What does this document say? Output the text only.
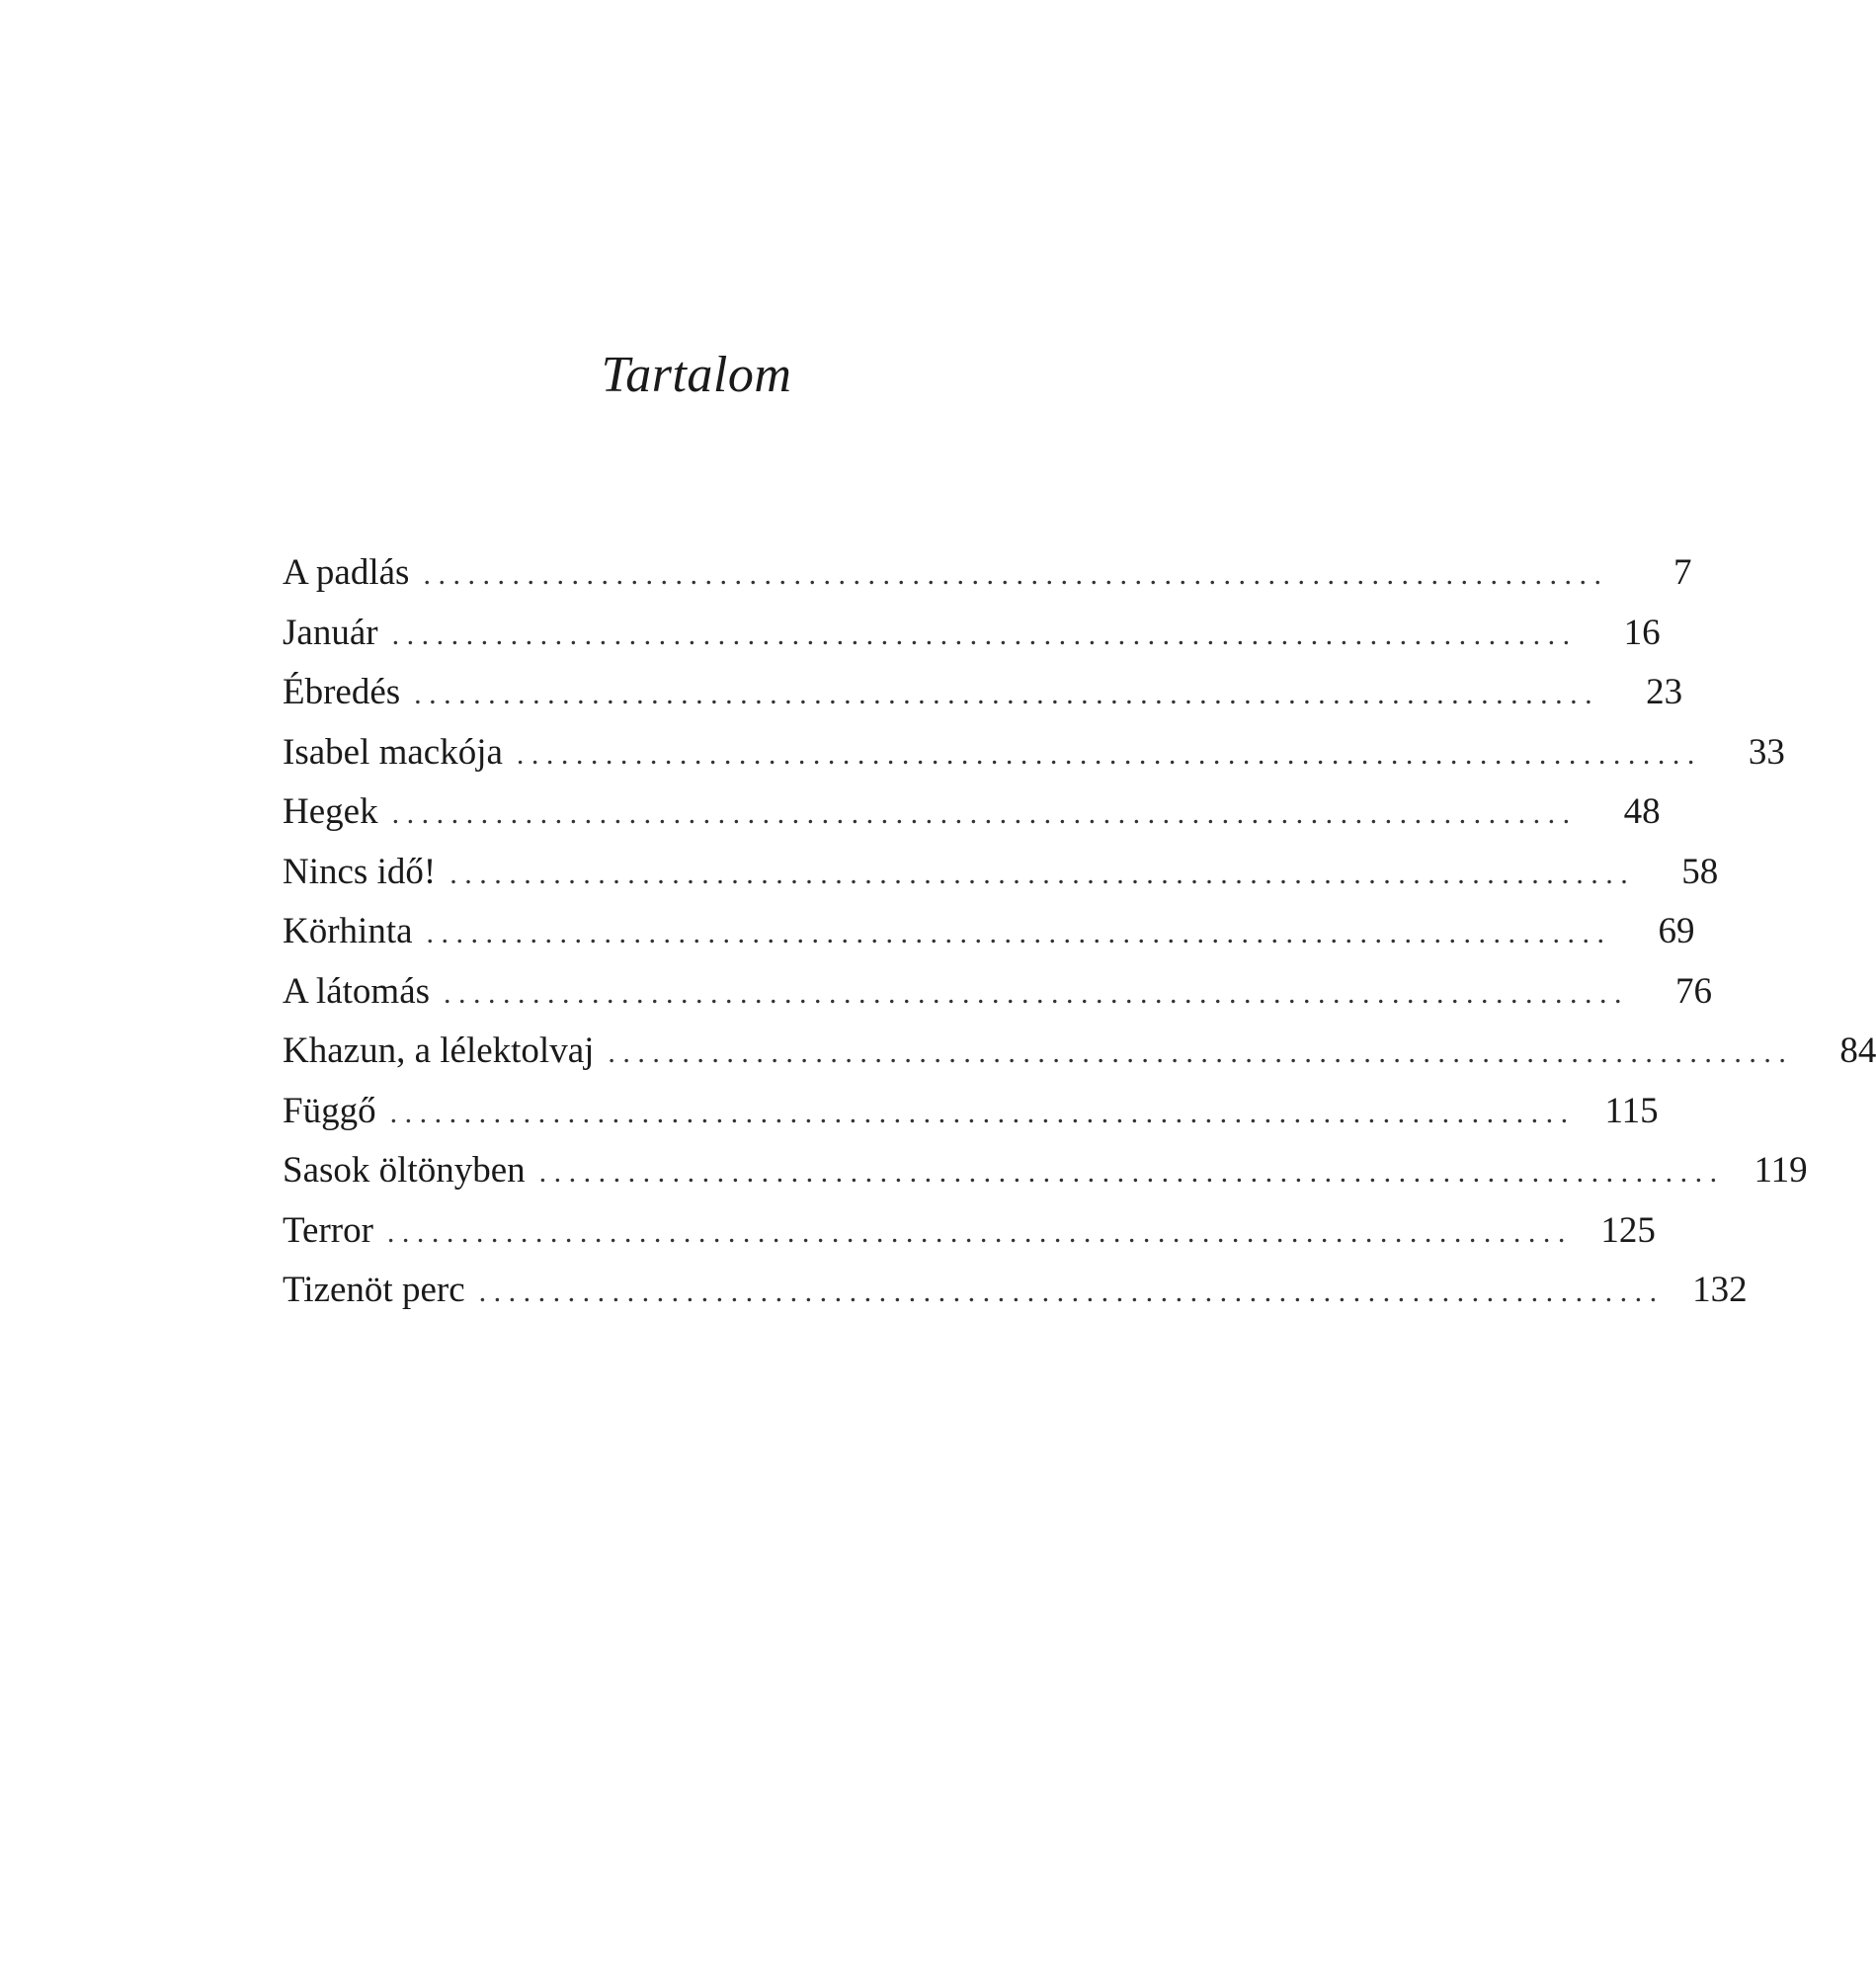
Tartalom
A padlás ................................................................................	7
Január ................................................................................	16
Ébredés ................................................................................	23
Isabel mackója ................................................................................	33
Hegek ................................................................................	48
Nincs idő! ................................................................................	58
Körhinta ................................................................................	69
A látomás ................................................................................	76
Khazun, a lélektolvaj ................................................................................	84
Függő ................................................................................ 115
Sasok öltönyben ................................................................................ 119
Terror ................................................................................ 125
Tizenöt perc ................................................................................ 132
